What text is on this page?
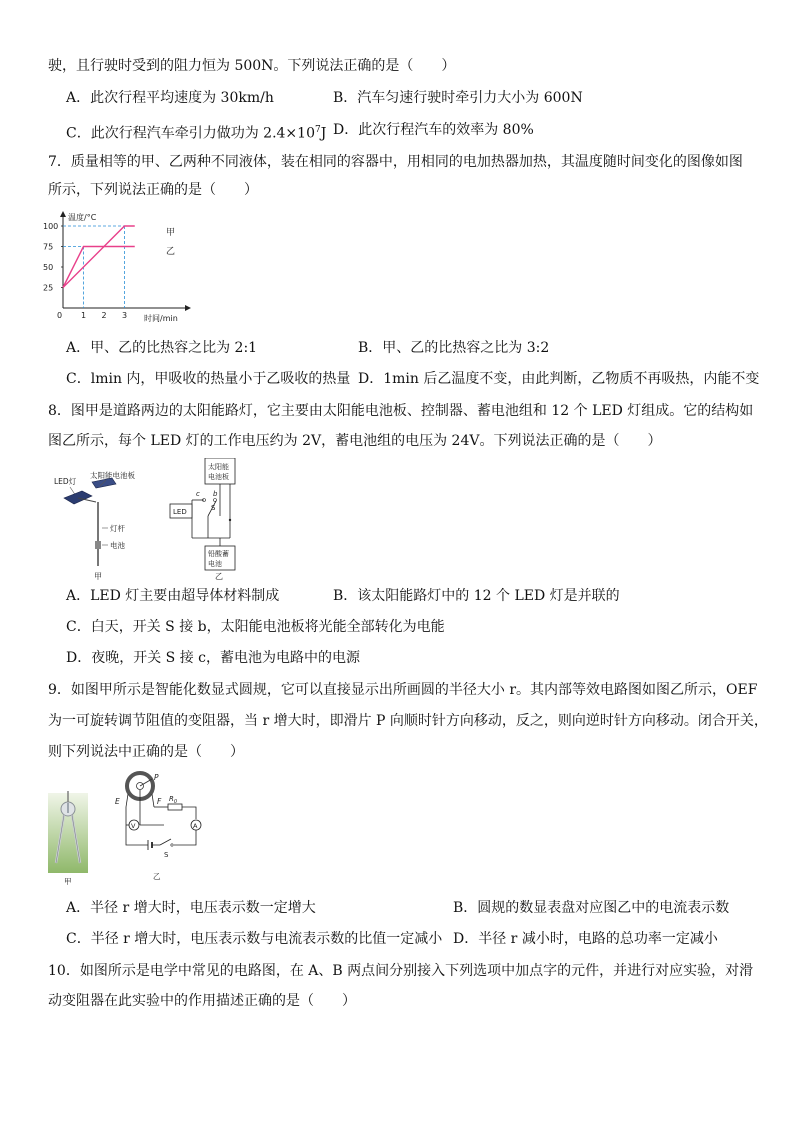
驶，且行驶时受到的阻力恒为 500N。下列说法正确的是（　　）
A．此次行程平均速度为 30km/h	B．汽车匀速行驶时牵引力大小为 600N
C．此次行程汽车牵引力做功为 $2.4\times 10^7J$ D．此次行程汽车的效率为 80%
7．质量相等的甲、乙两种不同液体，装在相同的容器中，用相同的电加热器加热，其温度随时间变化的图像如图
所示，下列说法正确的是（　　）
温度/°C
时间/min
25
50
75
100
0 1 2 3
甲
乙
A．甲、乙的比热容之比为 2:1	B．甲、乙的比热容之比为 3:2
C．lmin 内，甲吸收的热量小于乙吸收的热量 D．1min 后乙温度不变，由此判断，乙物质不再吸热，内能不变
8．图甲是道路两边的太阳能路灯，它主要由太阳能电池板、控制器、蓄电池组和 12 个 LED 灯组成。它的结构如
图乙所示，每个 LED 灯的工作电压约为 2V，蓄电池组的电压为 24V。下列说法正确的是（　　）
LED灯
太阳能电池板
灯杆
电池
甲
太阳能
电池板
b
c
S
LED
铅酸蓄
电池
乙
A．LED 灯主要由超导体材料制成	B．该太阳能路灯中的 12 个 LED 灯是并联的
C．白天，开关 S 接 b，太阳能电池板将光能全部转化为电能
D．夜晚，开关 S 接 c，蓄电池为电路中的电源
9．如图甲所示是智能化数显式圆规，它可以直接显示出所画圆的半径大小 r。其内部等效电路图如图乙所示，OEF
为一可旋转调节阻值的变阻器，当 r 增大时，即滑片 P 向顺时针方向移动，反之，则向逆时针方向移动。闭合开关，
则下列说法中正确的是（　　）
甲
E	F
P
$R_0$
V	A
S
乙
A．半径 r 增大时，电压表示数一定增大	B．圆规的数显表盘对应图乙中的电流表示数
C．半径 r 增大时，电压表示数与电流表示数的比值一定减小 D．半径 r 减小时，电路的总功率一定减小
10．如图所示是电学中常见的电路图，在 A、B 两点间分别接入下列选项中加点字的元件，并进行对应实验，对滑
动变阻器在此实验中的作用描述正确的是（　　）
